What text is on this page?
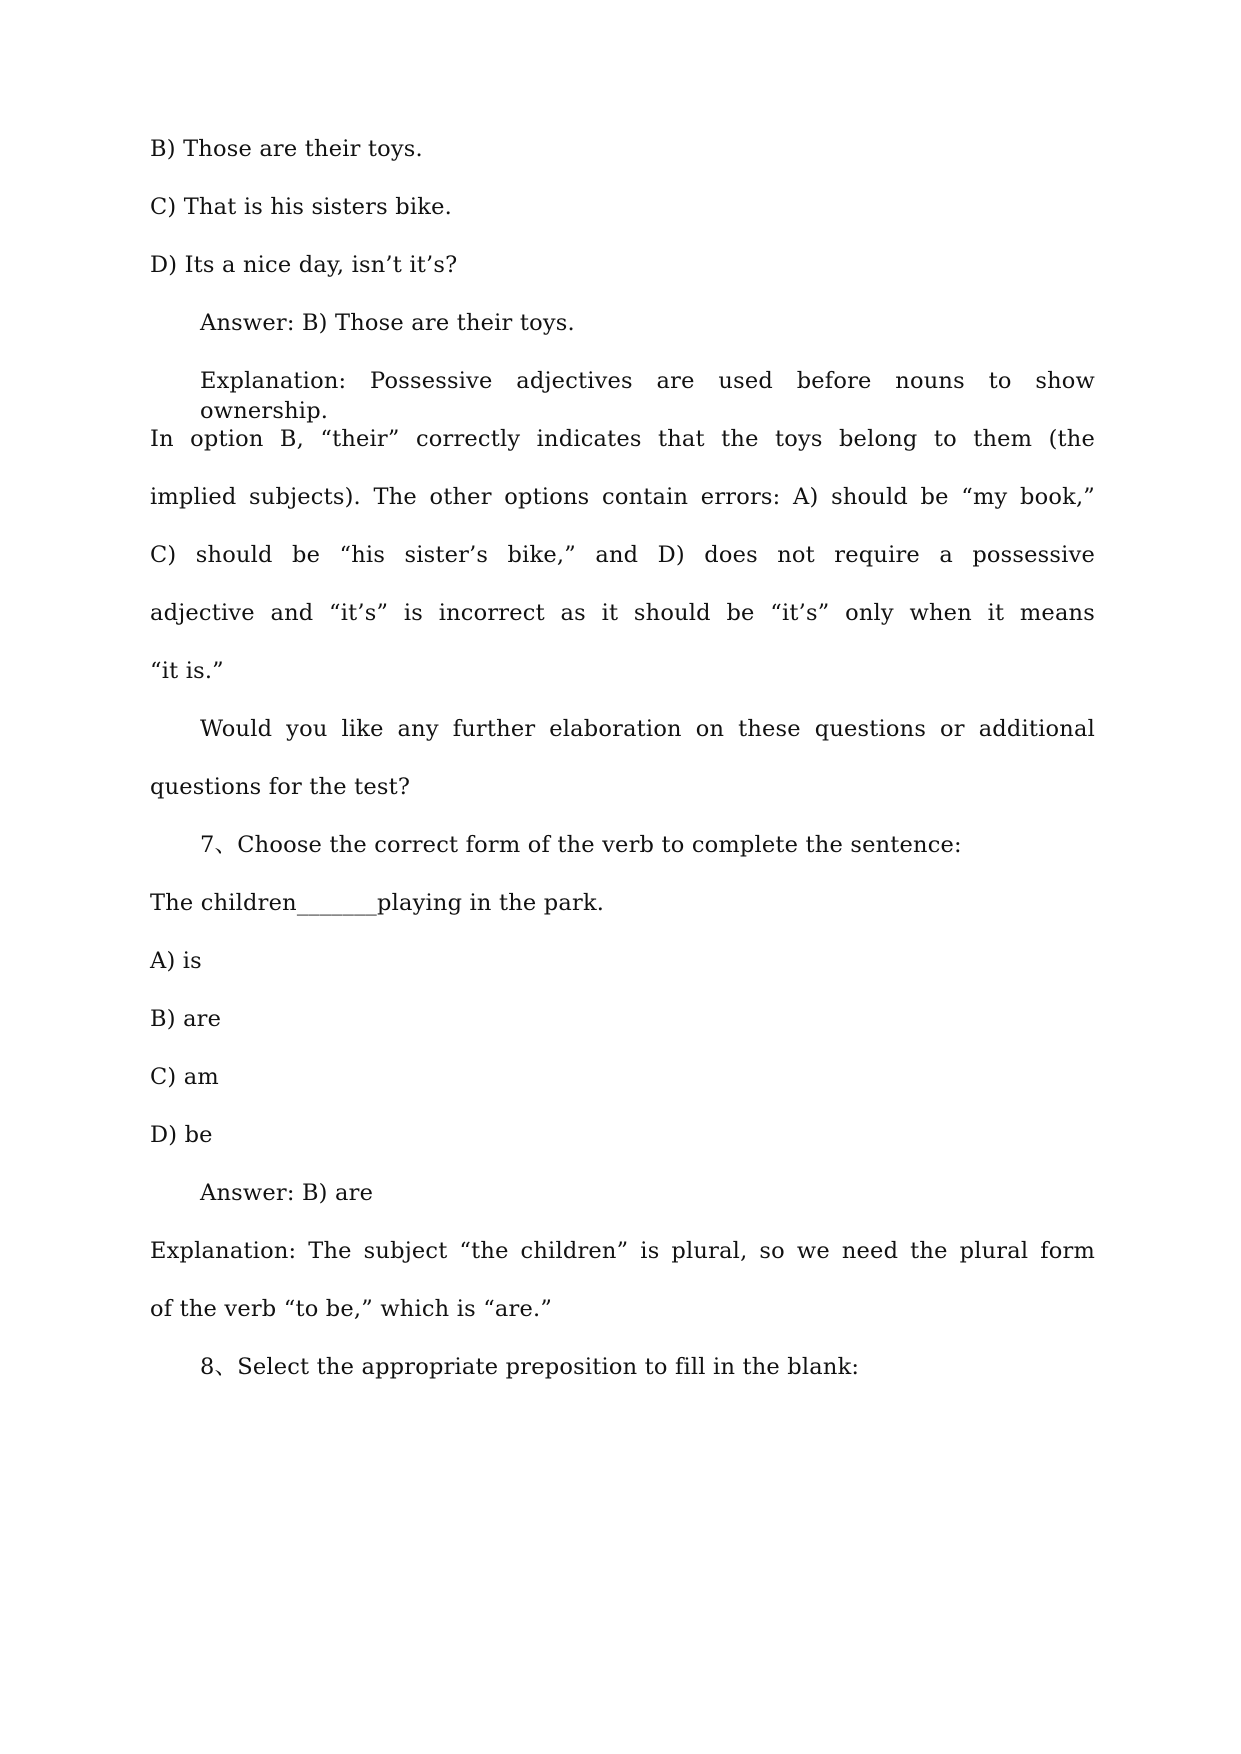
B) Those are their toys.
C) That is his sisters bike.
D) Its a nice day, isn’t it’s?
Answer: B) Those are their toys.
Explanation: Possessive adjectives are used before nouns to show ownership.
In option B, “their” correctly indicates that the toys belong to them (the
implied subjects). The other options contain errors: A) should be “my book,”
C) should be “his sister’s bike,” and D) does not require a possessive
adjective and “it’s” is incorrect as it should be “it’s” only when it means
“it is.”
Would you like any further elaboration on these questions or additional
questions for the test?
7、Choose the correct form of the verb to complete the sentence:
The children_______playing in the park.
A) is
B) are
C) am
D) be
Answer: B) are
Explanation: The subject “the children” is plural, so we need the plural form
of the verb “to be,” which is “are.”
8、Select the appropriate preposition to fill in the blank:
